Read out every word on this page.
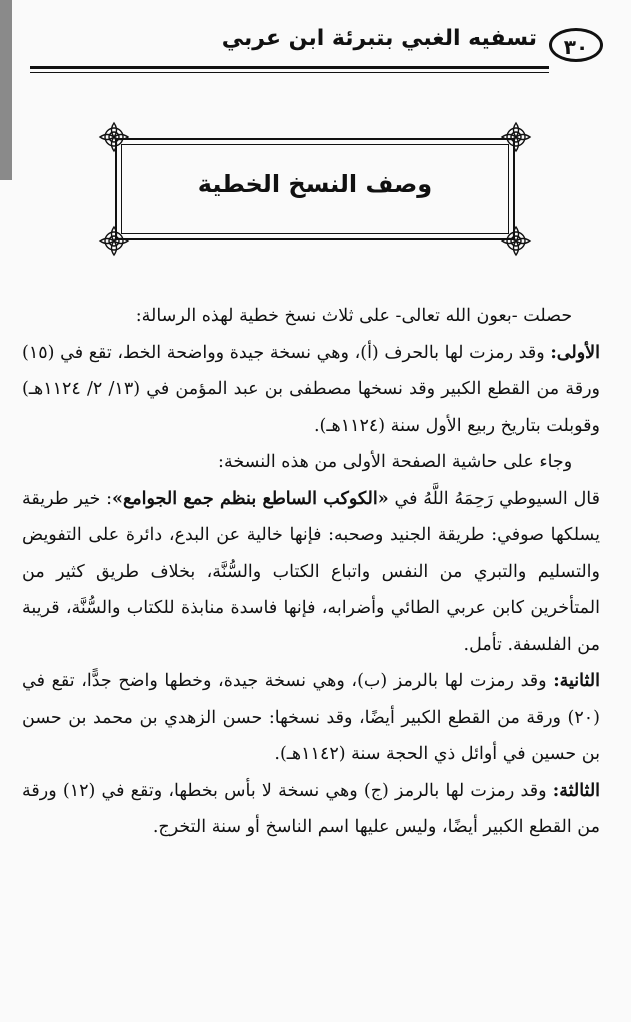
تسفيه الغبي بتبرئة ابن عربي	٣٠
وصف النسخ الخطية

حصلت -بعون الله تعالى- على ثلاث نسخ خطية لهذه الرسالة:

الأولى: وقد رمزت لها بالحرف (أ)، وهي نسخة جيدة وواضحة الخط، تقع في (١٥) ورقة من القطع الكبير وقد نسخها مصطفى بن عبد المؤمن في (١٣/ ٢/ ١١٢٤هـ) وقوبلت بتاريخ ربيع الأول سنة (١١٢٤هـ).

وجاء على حاشية الصفحة الأولى من هذه النسخة:

قال السيوطي رَحِمَهُ اللَّهُ في «الكوكب الساطع بنظم جمع الجوامع»: خير طريقة يسلكها صوفي: طريقة الجنيد وصحبه: فإنها خالية عن البدع، دائرة على التفويض والتسليم والتبري من النفس واتباع الكتاب والسُّنَّة، بخلاف طريق كثير من المتأخرين كابن عربي الطائي وأضرابه، فإنها فاسدة منابذة للكتاب والسُّنَّة، قريبة من الفلسفة. تأمل.

الثانية: وقد رمزت لها بالرمز (ب)، وهي نسخة جيدة، وخطها واضح جدًّا، تقع في (٢٠) ورقة من القطع الكبير أيضًا، وقد نسخها: حسن الزهدي بن محمد بن حسن بن حسين في أوائل ذي الحجة سنة (١١٤٢هـ).

الثالثة: وقد رمزت لها بالرمز (ج) وهي نسخة لا بأس بخطها، وتقع في (١٢) ورقة من القطع الكبير أيضًا، وليس عليها اسم الناسخ أو سنة التخرج.
